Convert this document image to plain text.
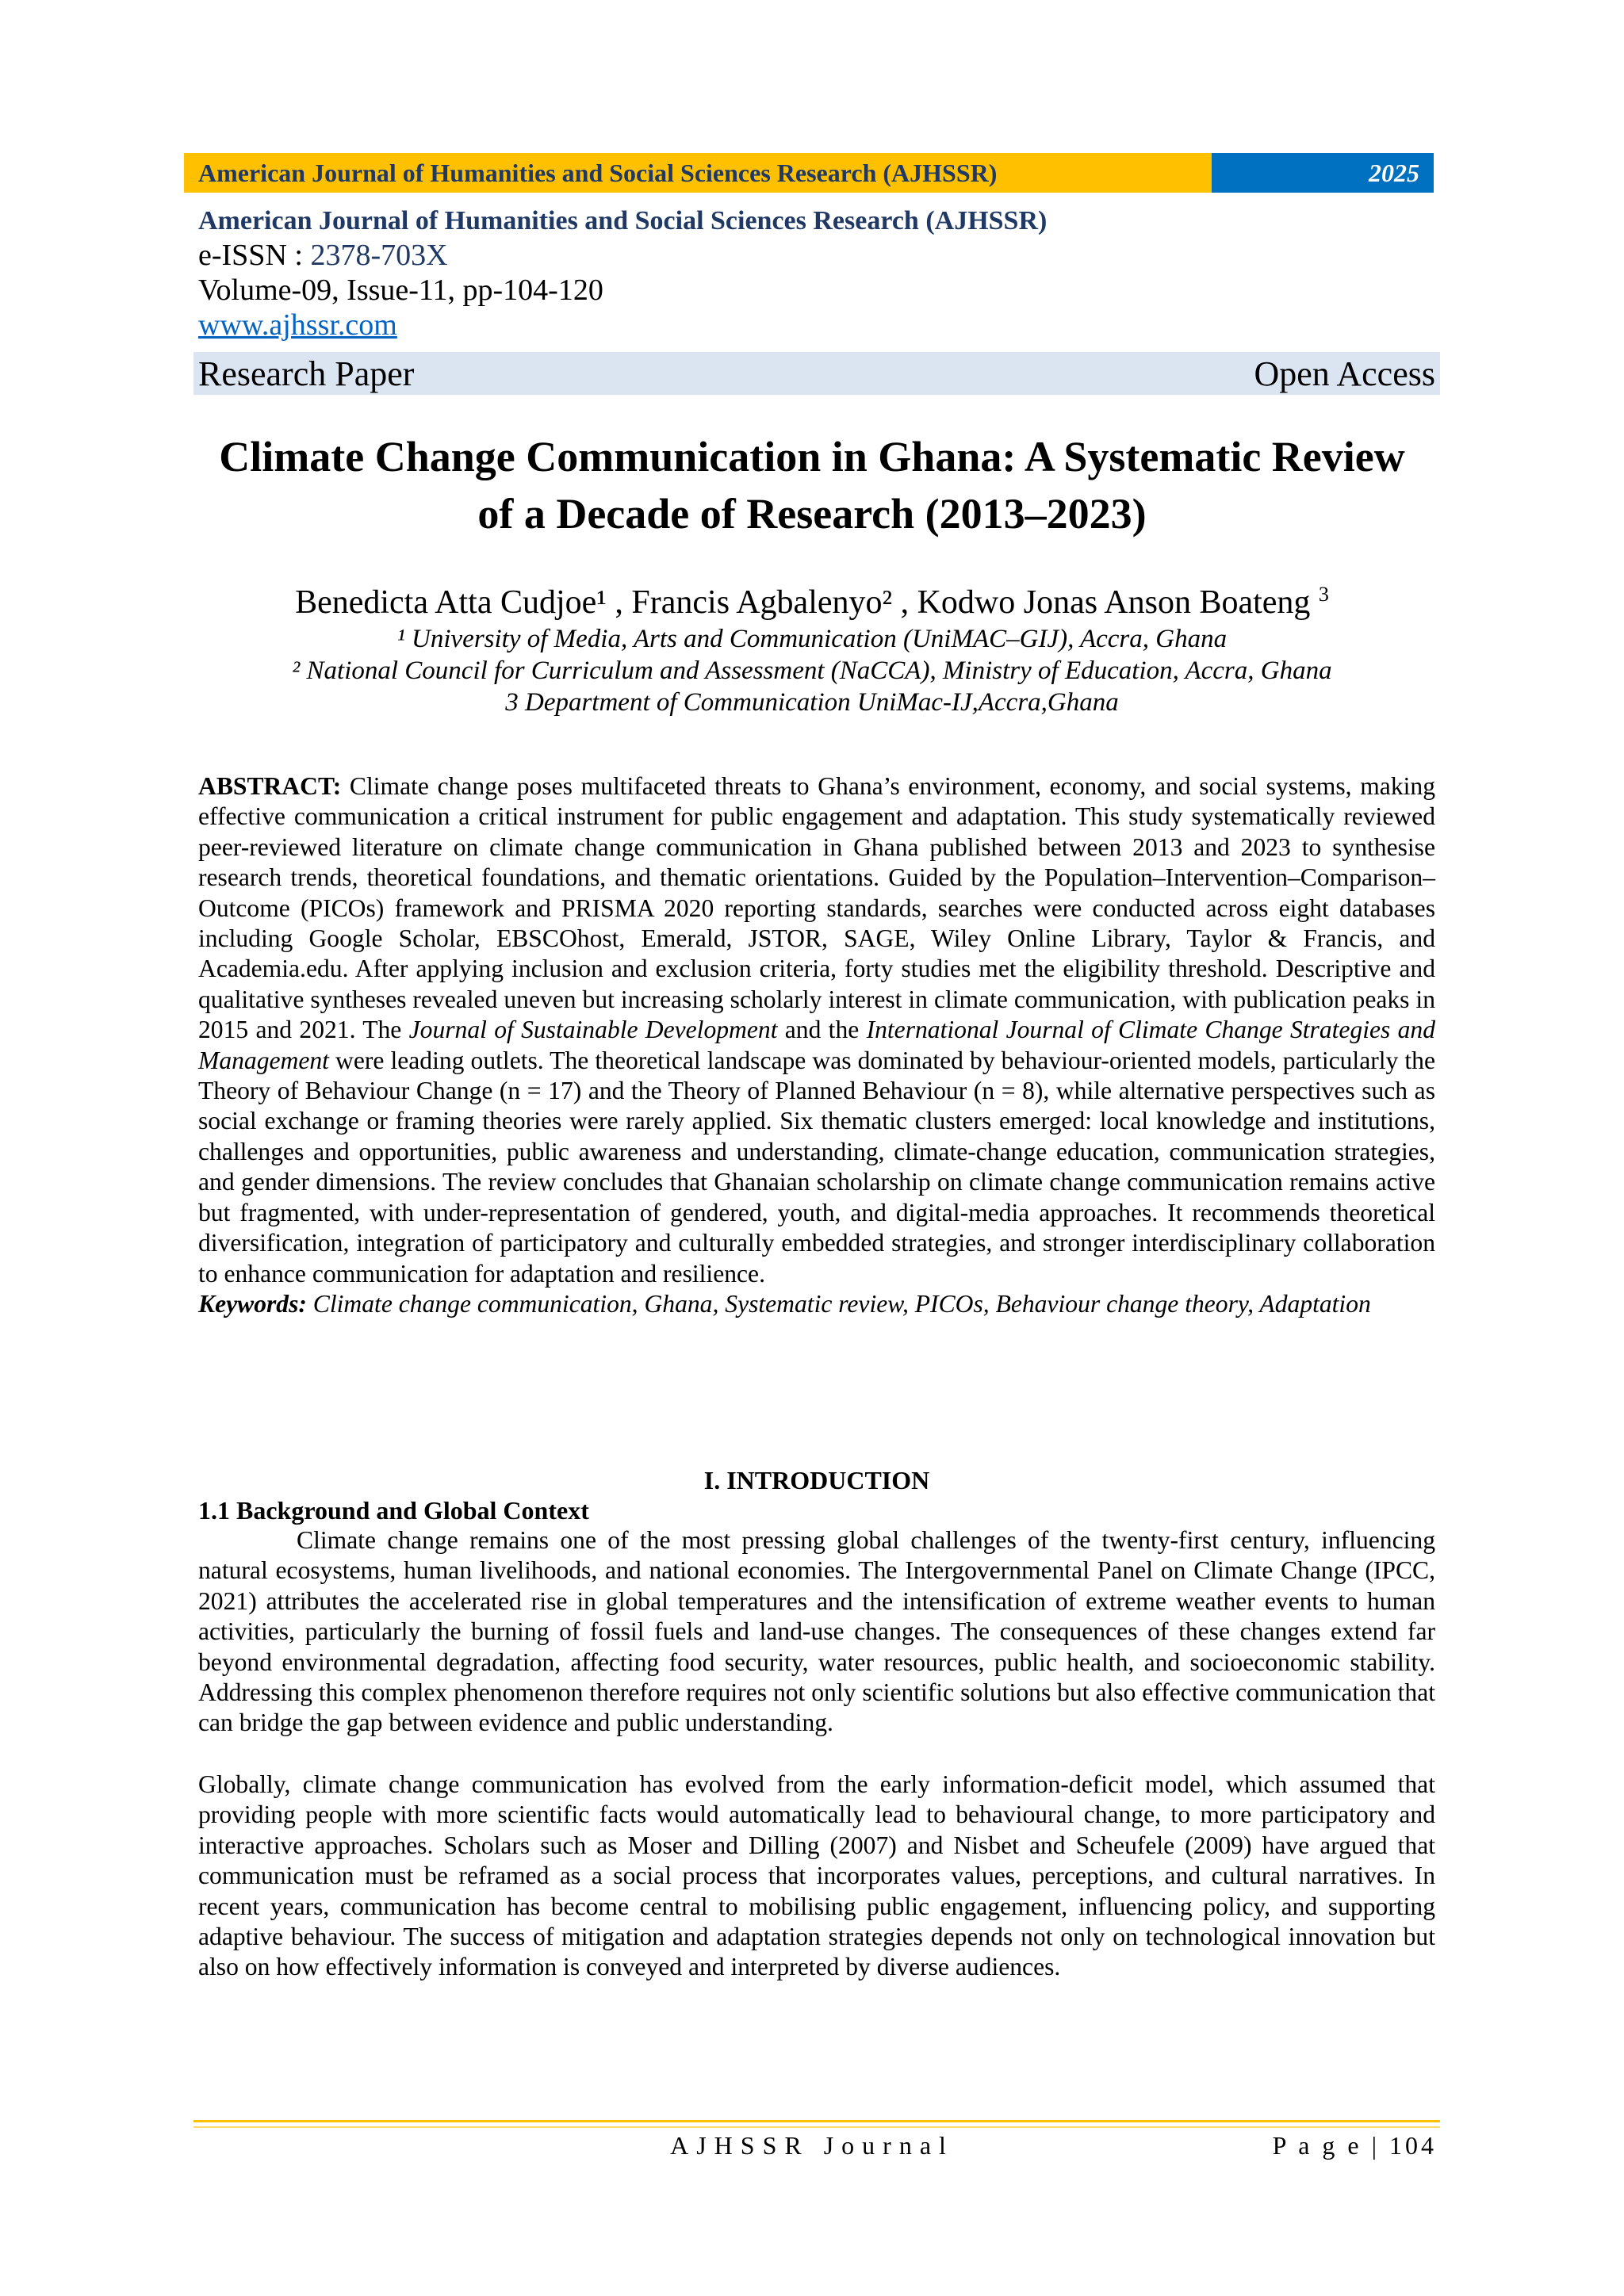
American Journal of Humanities and Social Sciences Research (AJHSSR)	2025
American Journal of Humanities and Social Sciences Research (AJHSSR)
e-ISSN : 2378-703X
Volume-09, Issue-11, pp-104-120
www.ajhssr.com
Research Paper	Open Access
Climate Change Communication in Ghana: A Systematic Review
of a Decade of Research (2013–2023)
Benedicta Atta Cudjoe¹ , Francis Agbalenyo² , Kodwo Jonas Anson Boateng $^3$
¹ University of Media, Arts and Communication (UniMAC–GIJ), Accra, Ghana
² National Council for Curriculum and Assessment (NaCCA), Ministry of Education, Accra, Ghana
3 Department of Communication UniMac-IJ,Accra,Ghana
ABSTRACT: Climate change poses multifaceted threats to Ghana’s environment, economy, and social systems, making effective communication a critical instrument for public engagement and adaptation. This study systematically reviewed peer-reviewed literature on climate change communication in Ghana published between 2013 and 2023 to synthesise research trends, theoretical foundations, and thematic orientations. Guided by the Population–Intervention–Comparison–Outcome (PICOs) framework and PRISMA 2020 reporting standards, searches were conducted across eight databases including Google Scholar, EBSCOhost, Emerald, JSTOR, SAGE, Wiley Online Library, Taylor & Francis, and Academia.edu. After applying inclusion and exclusion criteria, forty studies met the eligibility threshold. Descriptive and qualitative syntheses revealed uneven but increasing scholarly interest in climate communication, with publication peaks in 2015 and 2021. The Journal of Sustainable Development and the International Journal of Climate Change Strategies and Management were leading outlets. The theoretical landscape was dominated by behaviour-oriented models, particularly the Theory of Behaviour Change (n = 17) and the Theory of Planned Behaviour (n = 8), while alternative perspectives such as social exchange or framing theories were rarely applied. Six thematic clusters emerged: local knowledge and institutions, challenges and opportunities, public awareness and understanding, climate-change education, communication strategies, and gender dimensions. The review concludes that Ghanaian scholarship on climate change communication remains active but fragmented, with under-representation of gendered, youth, and digital-media approaches. It recommends theoretical diversification, integration of participatory and culturally embedded strategies, and stronger interdisciplinary collaboration to enhance communication for adaptation and resilience.
Keywords: Climate change communication, Ghana, Systematic review, PICOs, Behaviour change theory, Adaptation
I. INTRODUCTION
1.1 Background and Global Context
Climate change remains one of the most pressing global challenges of the twenty-first century, influencing natural ecosystems, human livelihoods, and national economies. The Intergovernmental Panel on Climate Change (IPCC, 2021) attributes the accelerated rise in global temperatures and the intensification of extreme weather events to human activities, particularly the burning of fossil fuels and land-use changes. The consequences of these changes extend far beyond environmental degradation, affecting food security, water resources, public health, and socioeconomic stability. Addressing this complex phenomenon therefore requires not only scientific solutions but also effective communication that can bridge the gap between evidence and public understanding.
Globally, climate change communication has evolved from the early information-deficit model, which assumed that providing people with more scientific facts would automatically lead to behavioural change, to more participatory and interactive approaches. Scholars such as Moser and Dilling (2007) and Nisbet and Scheufele (2009) have argued that communication must be reframed as a social process that incorporates values, perceptions, and cultural narratives. In recent years, communication has become central to mobilising public engagement, influencing policy, and supporting adaptive behaviour. The success of mitigation and adaptation strategies depends not only on technological innovation but also on how effectively information is conveyed and interpreted by diverse audiences.
AJHSSR Journal	P a g e | 104
